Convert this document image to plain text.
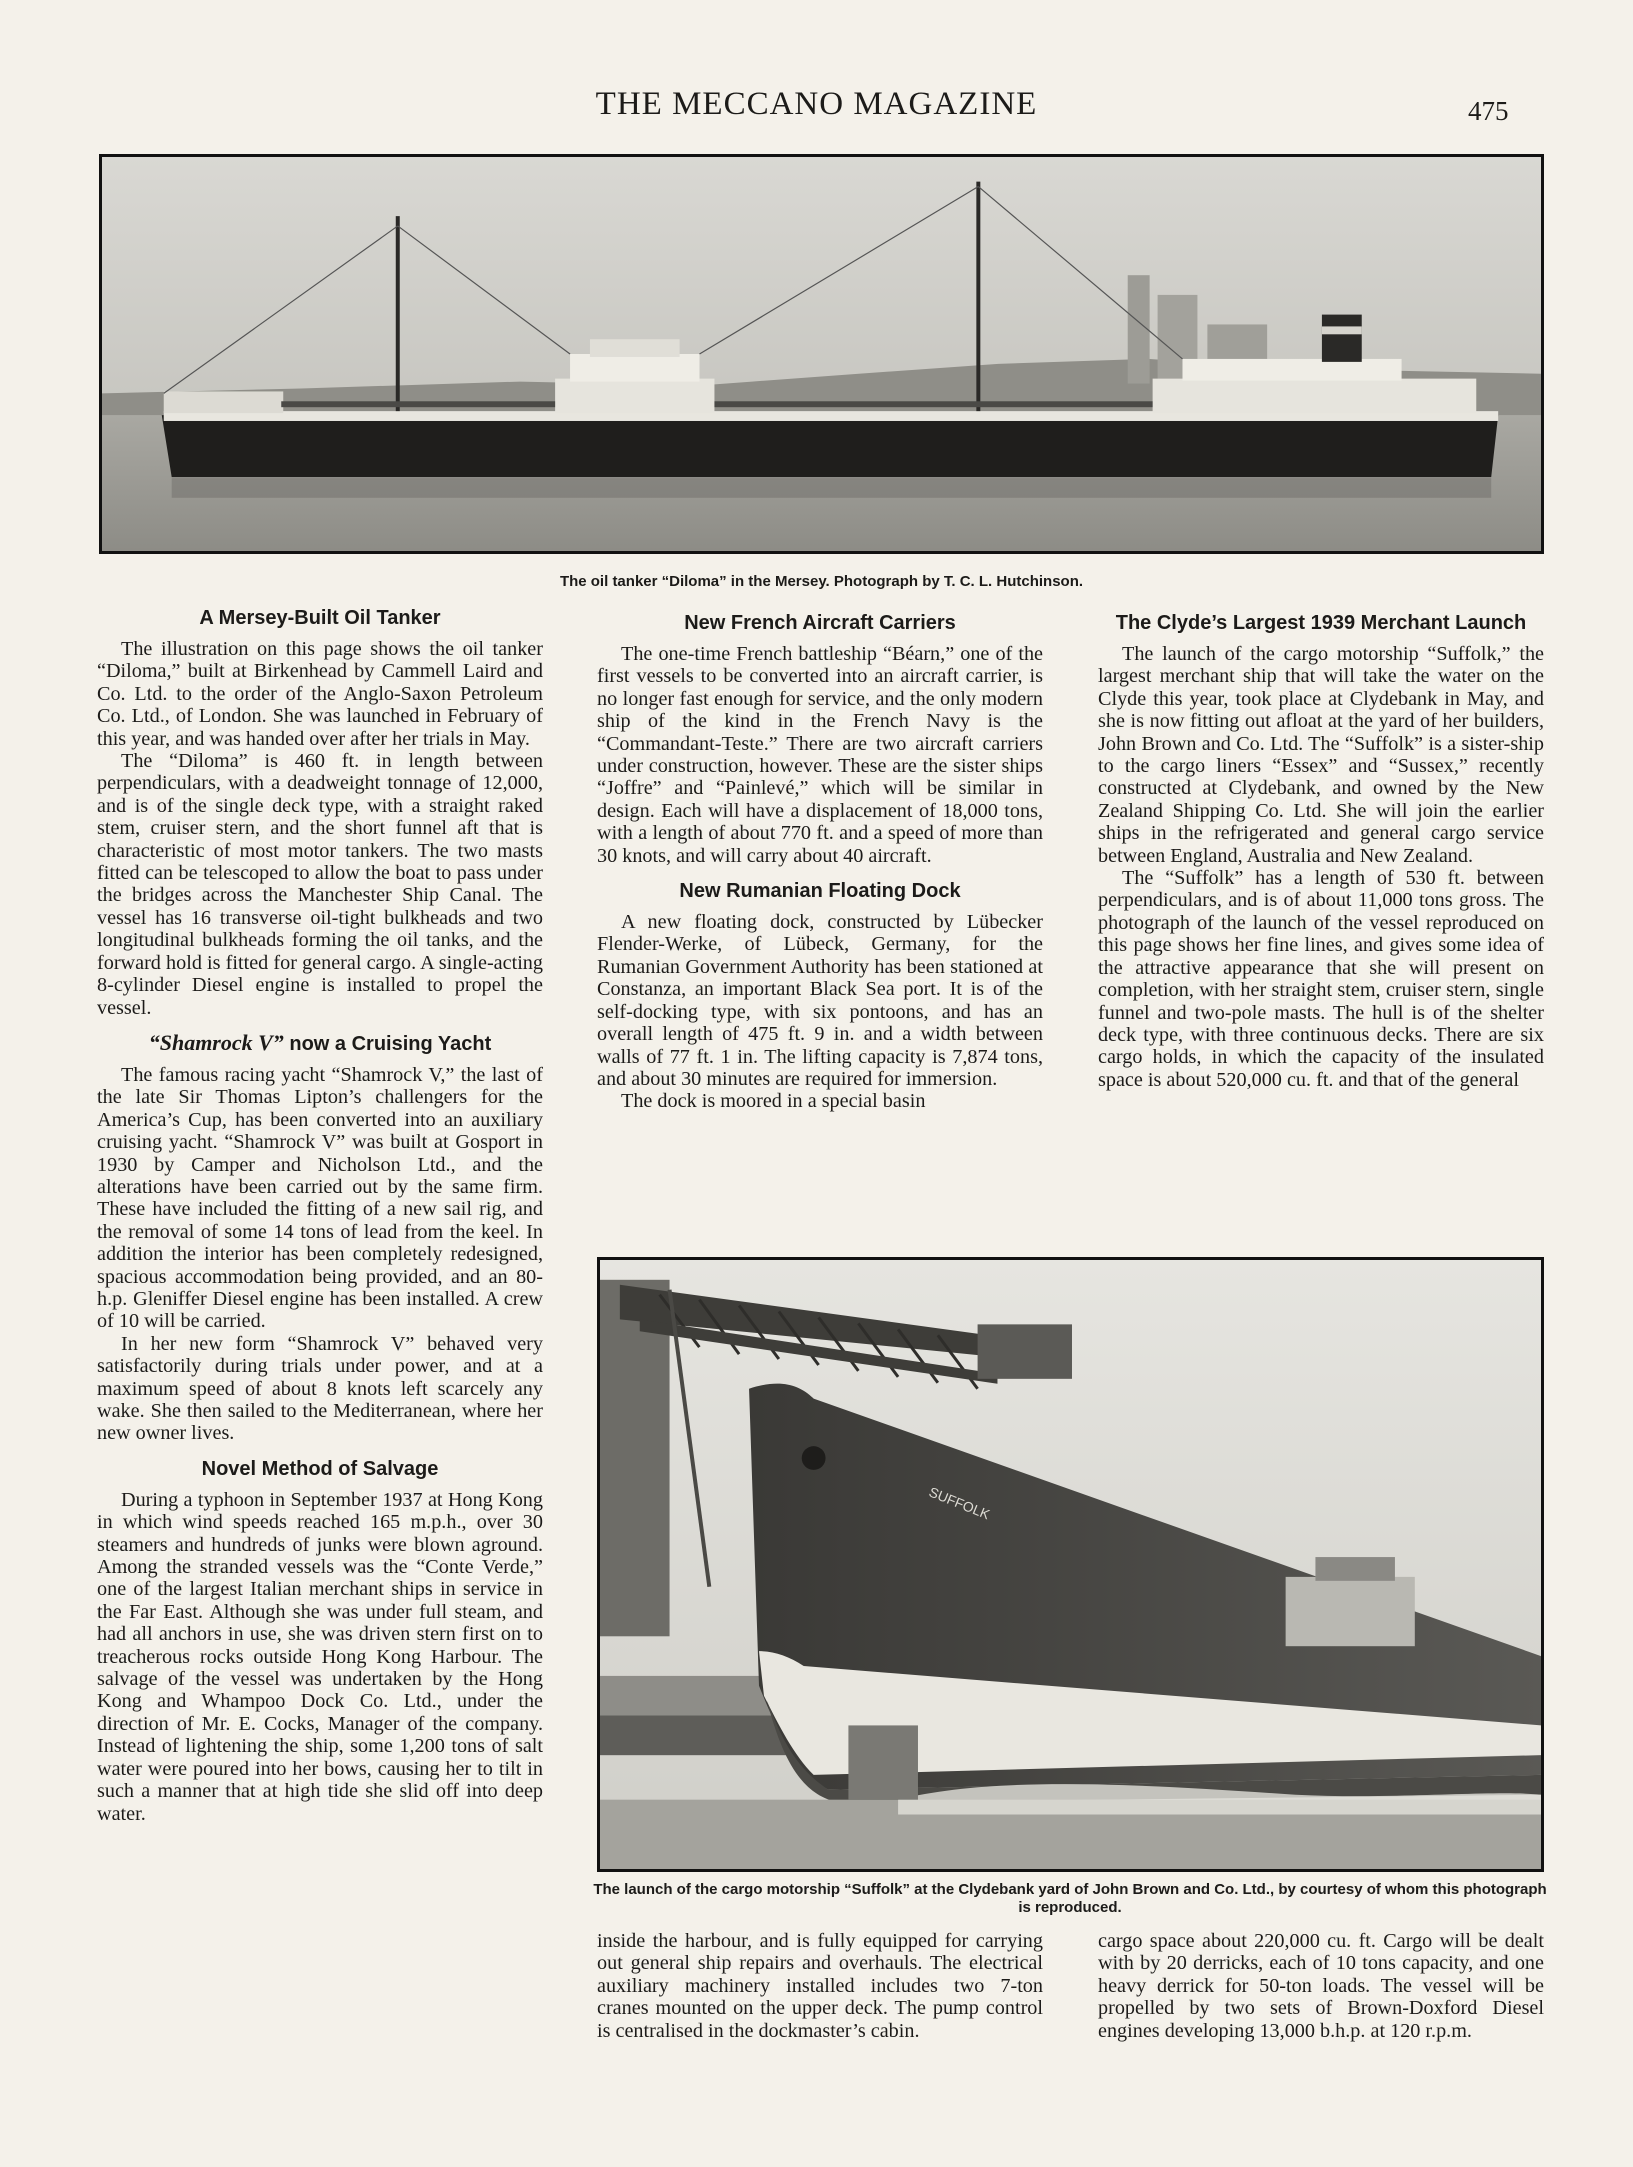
THE MECCANO MAGAZINE	475
The oil tanker “Diloma” in the Mersey. Photograph by T. C. L. Hutchinson.
A Mersey-Built Oil Tanker

The illustration on this page shows the oil tanker “Diloma,” built at Birkenhead by Cammell Laird and Co. Ltd. to the order of the Anglo-Saxon Petroleum Co. Ltd., of London. She was launched in February of this year, and was handed over after her trials in May.

The “Diloma” is 460 ft. in length between perpendiculars, with a deadweight tonnage of 12,000, and is of the single deck type, with a straight raked stem, cruiser stern, and the short funnel aft that is characteristic of most motor tankers. The two masts fitted can be telescoped to allow the boat to pass under the bridges across the Manchester Ship Canal. The vessel has 16 transverse oil-tight bulkheads and two longitudinal bulkheads forming the oil tanks, and the forward hold is fitted for general cargo. A single-acting 8-cylinder Diesel engine is installed to propel the vessel.

“Shamrock V” now a Cruising Yacht

The famous racing yacht “Shamrock V,” the last of the late Sir Thomas Lipton’s challengers for the America’s Cup, has been converted into an auxiliary cruising yacht. “Shamrock V” was built at Gosport in 1930 by Camper and Nicholson Ltd., and the alterations have been carried out by the same firm. These have included the fitting of a new sail rig, and the removal of some 14 tons of lead from the keel. In addition the interior has been completely redesigned, spacious accommodation being provided, and an 80-h.p. Gleniffer Diesel engine has been installed. A crew of 10 will be carried.

In her new form “Shamrock V” behaved very satisfactorily during trials under power, and at a maximum speed of about 8 knots left scarcely any wake. She then sailed to the Mediterranean, where her new owner lives.

Novel Method of Salvage

During a typhoon in September 1937 at Hong Kong in which wind speeds reached 165 m.p.h., over 30 steamers and hundreds of junks were blown aground. Among the stranded vessels was the “Conte Verde,” one of the largest Italian merchant ships in service in the Far East. Although she was under full steam, and had all anchors in use, she was driven stern first on to treacherous rocks outside Hong Kong Harbour. The salvage of the vessel was undertaken by the Hong Kong and Whampoo Dock Co. Ltd., under the direction of Mr. E. Cocks, Manager of the company. Instead of lightening the ship, some 1,200 tons of salt water were poured into her bows, causing her to tilt in such a manner that at high tide she slid off into deep water.

New French Aircraft Carriers

The one-time French battleship “Béarn,” one of the first vessels to be converted into an aircraft carrier, is no longer fast enough for service, and the only modern ship of the kind in the French Navy is the “Commandant-Teste.” There are two aircraft carriers under construction, however. These are the sister ships “Joffre” and “Painlevé,” which will be similar in design. Each will have a displacement of 18,000 tons, with a length of about 770 ft. and a speed of more than 30 knots, and will carry about 40 aircraft.

New Rumanian Floating Dock

A new floating dock, constructed by Lübecker Flender-Werke, of Lübeck, Germany, for the Rumanian Government Authority has been stationed at Constanza, an important Black Sea port. It is of the self-docking type, with six pontoons, and has an overall length of 475 ft. 9 in. and a width between walls of 77 ft. 1 in. The lifting capacity is 7,874 tons, and about 30 minutes are required for immersion.

The dock is moored in a special basin

The Clyde’s Largest 1939 Merchant Launch

The launch of the cargo motorship “Suffolk,” the largest merchant ship that will take the water on the Clyde this year, took place at Clydebank in May, and she is now fitting out afloat at the yard of her builders, John Brown and Co. Ltd. The “Suffolk” is a sister-ship to the cargo liners “Essex” and “Sussex,” recently constructed at Clydebank, and owned by the New Zealand Shipping Co. Ltd. She will join the earlier ships in the refrigerated and general cargo service between England, Australia and New Zealand.

The “Suffolk” has a length of 530 ft. between perpendiculars, and is of about 11,000 tons gross. The photograph of the launch of the vessel reproduced on this page shows her fine lines, and gives some idea of the attractive appearance that she will present on completion, with her straight stem, cruiser stern, single funnel and two-pole masts. The hull is of the shelter deck type, with three continuous decks. There are six cargo holds, in which the capacity of the insulated space is about 520,000 cu. ft. and that of the general

SUFFOLK
The launch of the cargo motorship “Suffolk” at the Clydebank yard of John Brown and Co. Ltd., by courtesy of whom this photograph is reproduced.

inside the harbour, and is fully equipped for carrying out general ship repairs and overhauls. The electrical auxiliary machinery installed includes two 7-ton cranes mounted on the upper deck. The pump control is centralised in the dockmaster’s cabin.

cargo space about 220,000 cu. ft. Cargo will be dealt with by 20 derricks, each of 10 tons capacity, and one heavy derrick for 50-ton loads. The vessel will be propelled by two sets of Brown-Doxford Diesel engines developing 13,000 b.h.p. at 120 r.p.m.
